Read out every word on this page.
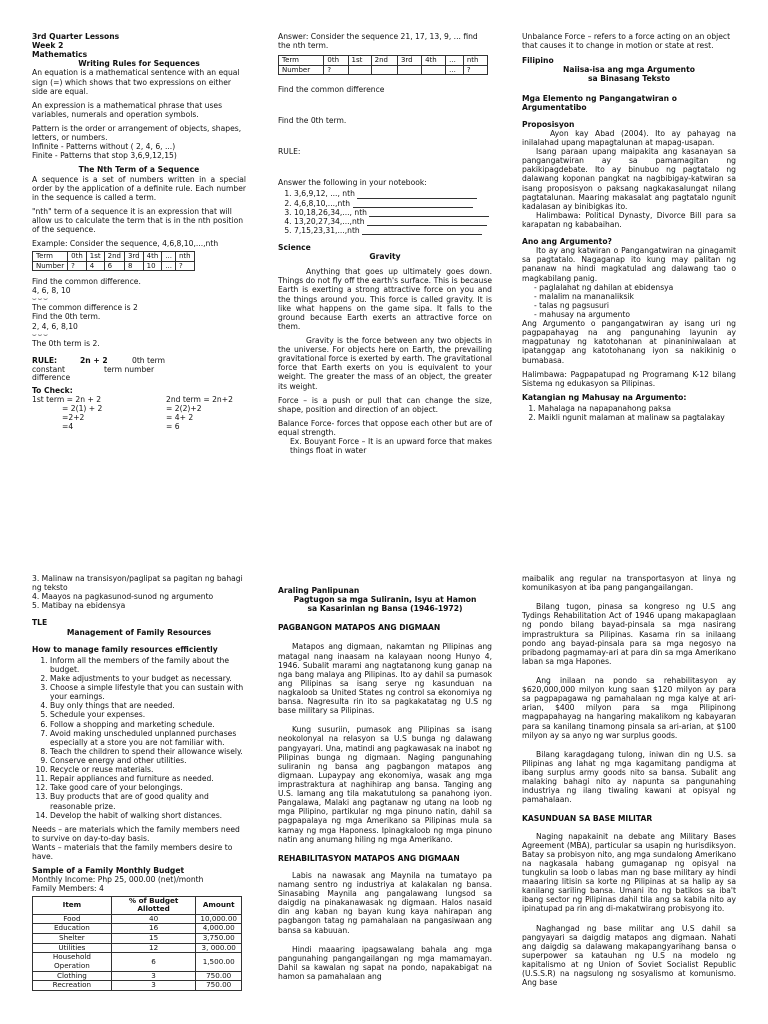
3rd Quarter Lessons
Week 2
Mathematics
Writing Rules for Sequences

An equation is a mathematical sentence with an equal sign (=) which shows that two expressions on either side are equal.

An expression is a mathematical phrase that uses variables, numerals and operation symbols.

Pattern is the order or arrangement of objects, shapes, letters, or numbers.

Infinite - Patterns without ( 2, 4, 6, ...)

Finite - Patterns that stop 3,6,9,12,15)

The Nth Term of a Sequence

A sequence is a set of numbers written in a special order by the application of a definite rule. Each number in the sequence is called a term.

"nth" term of a sequence it is an expression that will allow us to calculate the term that is in the nth position of the sequence.

Example: Consider the sequence, 4,6,8,10,...,nth
Term	0th	1st	2nd	3rd	4th	...	nth
Number	?	4	6	8	10	...	?
Find the common difference.
4, 6, 8, 10
⌣⌣⌣
The common difference is 2
Find the 0th term.
2, 4, 6, 8,10
⌣⌣⌣
The 0th term is 2.
RULE:	2n + 2	0th term
constant	term number
difference
To Check:
1st term = 2n + 2
= 2(1) + 2
=2+2
=4
2nd term = 2n+2
= 2(2)+2
= 4+ 2
= 6

Answer: Consider the sequence 21, 17, 13, 9, ... find the nth term.

Term	0th	1st	2nd	3rd	4th	...	nth
Number	?					...	?
Find the common difference
Find the 0th term.
RULE:
Answer the following in your notebook:
1. 3,6,9,12, ..., nth
2. 4,6,8,10,...,nth
3. 10,18,26,34,..., nth
4. 13,20,27,34,...,nth
5. 7,15,23,31,...,nth
Science
Gravity

Anything that goes up ultimately goes down. Things do not fly off the earth's surface. This is because Earth is exerting a strong attractive force on you and the things around you. This force is called gravity. It is like what happens on the game sipa. It falls to the ground because Earth exerts an attractive force on them.

Gravity is the force between any two objects in the universe. For objects here on Earth, the prevailing gravitational force is exerted by earth. The gravitational force that Earth exerts on you is equivalent to your weight. The greater the mass of an object, the greater its weight.

Force – is a push or pull that can change the size, shape, position and direction of an object.

Balance Force- forces that oppose each other but are of equal strength.
Ex. Bouyant Force – It is an upward force that makes things float in water

Unbalance Force – refers to a force acting on an object that causes it to change in motion or state at rest.

Filipino
Naiisa-isa ang mga Argumento
sa Binasang Teksto
Mga Elemento ng Pangangatwiran o Argumentatibo
Proposisyon
Ayon kay Abad (2004). Ito ay pahayag na inilalahad upang mapagtalunan at mapag-usapan.
Isang paraan upang maipakita ang kasanayan sa pangangatwiran ay sa pamamagitan ng pakikipagdebate. Ito ay binubuo ng pagtatalo ng dalawang koponan pangkat na nagbibigay-katwiran sa isang proposisyon o paksang nagkakasalungat nilang pagtatalunan. Maaring makasalat ang pagtatalo ngunit kadalasan ay binibigkas ito.

Halimbawa: Political Dynasty, Divorce Bill para sa karapatan ng kababaihan.

Ano ang Argumento?
Ito ay ang katwiran o Pangangatwiran na ginagamit sa pagtatalo. Nagaganap ito kung may palitan ng pananaw na hindi magkatulad ang dalawang tao o magkabilang panig.
- paglalahat ng dahilan at ebidensya
- malalim na mananaliksik
- talas ng pagsusuri
- mahusay na argumento

Ang Argumento o pangangatwiran ay isang uri ng pagpapahayag na ang pangunahing layunin ay magpatunay ng katotohanan at pinaniniwalaan at ipatanggap ang katotohanang iyon sa nakikinig o bumabasa.

Halimbawa: Pagpapatupad ng Programang K-12 bilang Sistema ng edukasyon sa Pilipinas.

Katangian ng Mahusay na Argumento:
1. Mahalaga na napapanahong paksa
2. Maikli ngunit malaman at malinaw sa pagtalakay
3. Malinaw na transisyon/paglipat sa pagitan ng bahagi ng teksto
4. Maayos na pagkasunod-sunod ng argumento
5. Matibay na ebidensya
TLE
Management of Family Resources
How to manage family resources efficiently
1. Inform all the members of the family about the budget.
2. Make adjustments to your budget as necessary.
3. Choose a simple lifestyle that you can sustain with your earnings.
4. Buy only things that are needed.
5. Schedule your expenses.
6. Follow a shopping and marketing schedule.
7. Avoid making unscheduled unplanned purchases especially at a store you are not familiar with.
8. Teach the children to spend their allowance wisely.
9. Conserve energy and other utilities.
10. Recycle or reuse materials.
11. Repair appliances and furniture as needed.
12. Take good care of your belongings.
13. Buy products that are of good quality and reasonable prize.
14. Develop the habit of walking short distances.
Needs – are materials which the family members need to survive on day-to-day basis.

Wants – materials that the family members desire to have.

Sample of a Family Monthly Budget
Monthly Income: Php 25, 000.00 (net)/month
Family Members: 4
Item	% of Budget Allotted	Amount
Food	40	10,000.00
Education	16	4,000.00
Shelter	15	3,750.00
Utilities	12	3, 000.00
Household Operation	6	1,500.00
Clothing	3	750.00
Recreation	3	750.00
Araling Panlipunan
Pagtugon sa mga Suliranin, Isyu at Hamon
sa Kasarinlan ng Bansa (1946-1972)
PAGBANGON MATAPOS ANG DIGMAAN

Matapos ang digmaan, nakamtan ng Pilipinas ang matagal nang inaasam na kalayaan noong Hunyo 4, 1946. Subalit marami ang nagtatanong kung ganap na nga bang malaya ang Pilipinas. Ito ay dahil sa pumasok ang Pilipinas sa isang serye ng kasunduan na nagkaloob sa United States ng control sa ekonomiya ng bansa. Nagresulta rin ito sa pagkakatatag ng U.S ng base military sa Pilipinas.

Kung susuriin, pumasok ang Pilipinas sa isang neokolonyal na relasyon sa U.S bunga ng dalawang pangyayari. Una, matindi ang pagkawasak na inabot ng Pilipinas bunga ng digmaan. Naging pangunahing suliranin ng bansa ang pagbangon matapos ang digmaan. Lupaypay ang ekonomiya, wasak ang mga imprastraktura at naghihirap ang bansa. Tanging ang U.S. lamang ang tila makatutulong sa panahong iyon. Pangalawa, Malaki ang pagtanaw ng utang na loob ng mga Pilipino, partikular ng mga pinuno natin, dahil sa pagpapalaya ng mga Amerikano sa Pilipinas mula sa kamay ng mga Haponess. Ipinagkaloob ng mga pinuno natin ang anumang hiling ng mga Amerikano.

REHABILITASYON MATAPOS ANG DIGMAAN

Labis na nawasak ang Maynila na tumatayo pa namang sentro ng industriya at kalakalan ng bansa. Sinasabing Maynila ang pangalawang lungsod sa daigdig na pinakanawasak ng digmaan. Halos nasaid din ang kaban ng bayan kung kaya nahirapan ang pagbangon tatag ng pamahalaan na pangasiwaan ang bansa sa kabuuan.

Hindi maaaring ipagsawalang bahala ang mga pangunahing pangangailangan ng mga mamamayan. Dahil sa kawalan ng sapat na pondo, napakabigat na hamon sa pamahalaan ang

maibalik ang regular na transportasyon at linya ng komunikasyon at iba pang pangangailangan.

Bilang tugon, pinasa sa kongreso ng U.S ang Tydings Rehabilitation Act of 1946 upang makapaglaan ng pondo bilang bayad-pinsala sa mga nasirang imprastruktura sa Pilipinas. Kasama rin sa inilaang pondo ang bayad-pinsala para sa mga negosyo na pribadong pagmamay-ari at para din sa mga Amerikano laban sa mga Hapones.

Ang inilaan na pondo sa rehabilitasyon ay $620,000,000 milyon kung saan $120 milyon ay para sa pagpapagawa ng pamahalaan ng mga kalye at ari-arian, $400 milyon para sa mga Pilipinong magpapahayag na hangaring makalikom ng kabayaran para sa kanilang tinamong pinsala sa ari-arian, at $100 milyon ay sa anyo ng war surplus goods.

Bilang karagdagang tulong, iniwan din ng U.S. sa Pilipinas ang lahat ng mga kagamitang pandigma at ibang surplus army goods nito sa bansa. Subalit ang malaking bahagi nito ay napunta sa pangunahing industriya ng ilang tiwaling kawani at opisyal ng pamahalaan.

KASUNDUAN SA BASE MILITAR

Naging napakainit na debate ang Military Bases Agreement (MBA), particular sa usapin ng hurisdiksyon. Batay sa probisyon nito, ang mga sundalong Amerikano na nagkasala habang gumaganap ng opisyal na tungkulin sa loob o labas man ng base military ay hindi maaaring litisin sa korte ng Pilipinas at sa halip ay sa kanilang sariling bansa. Umani ito ng batikos sa iba't ibang sector ng Pilipinas dahil tila ang sa kabila nito ay ipinatupad pa rin ang di-makatwirang probisyong ito.

Naghangad ng base militar ang U.S dahil sa pangyayari sa daigdig matapos ang digmaan. Nahati ang daigdig sa dalawang makapangyarihang bansa o superpower sa katauhan ng U.S na modelo ng kapitalismo at ng Union of Soviet Socialist Republic (U.S.S.R) na nagsulong ng sosyalismo at komunismo. Ang base
